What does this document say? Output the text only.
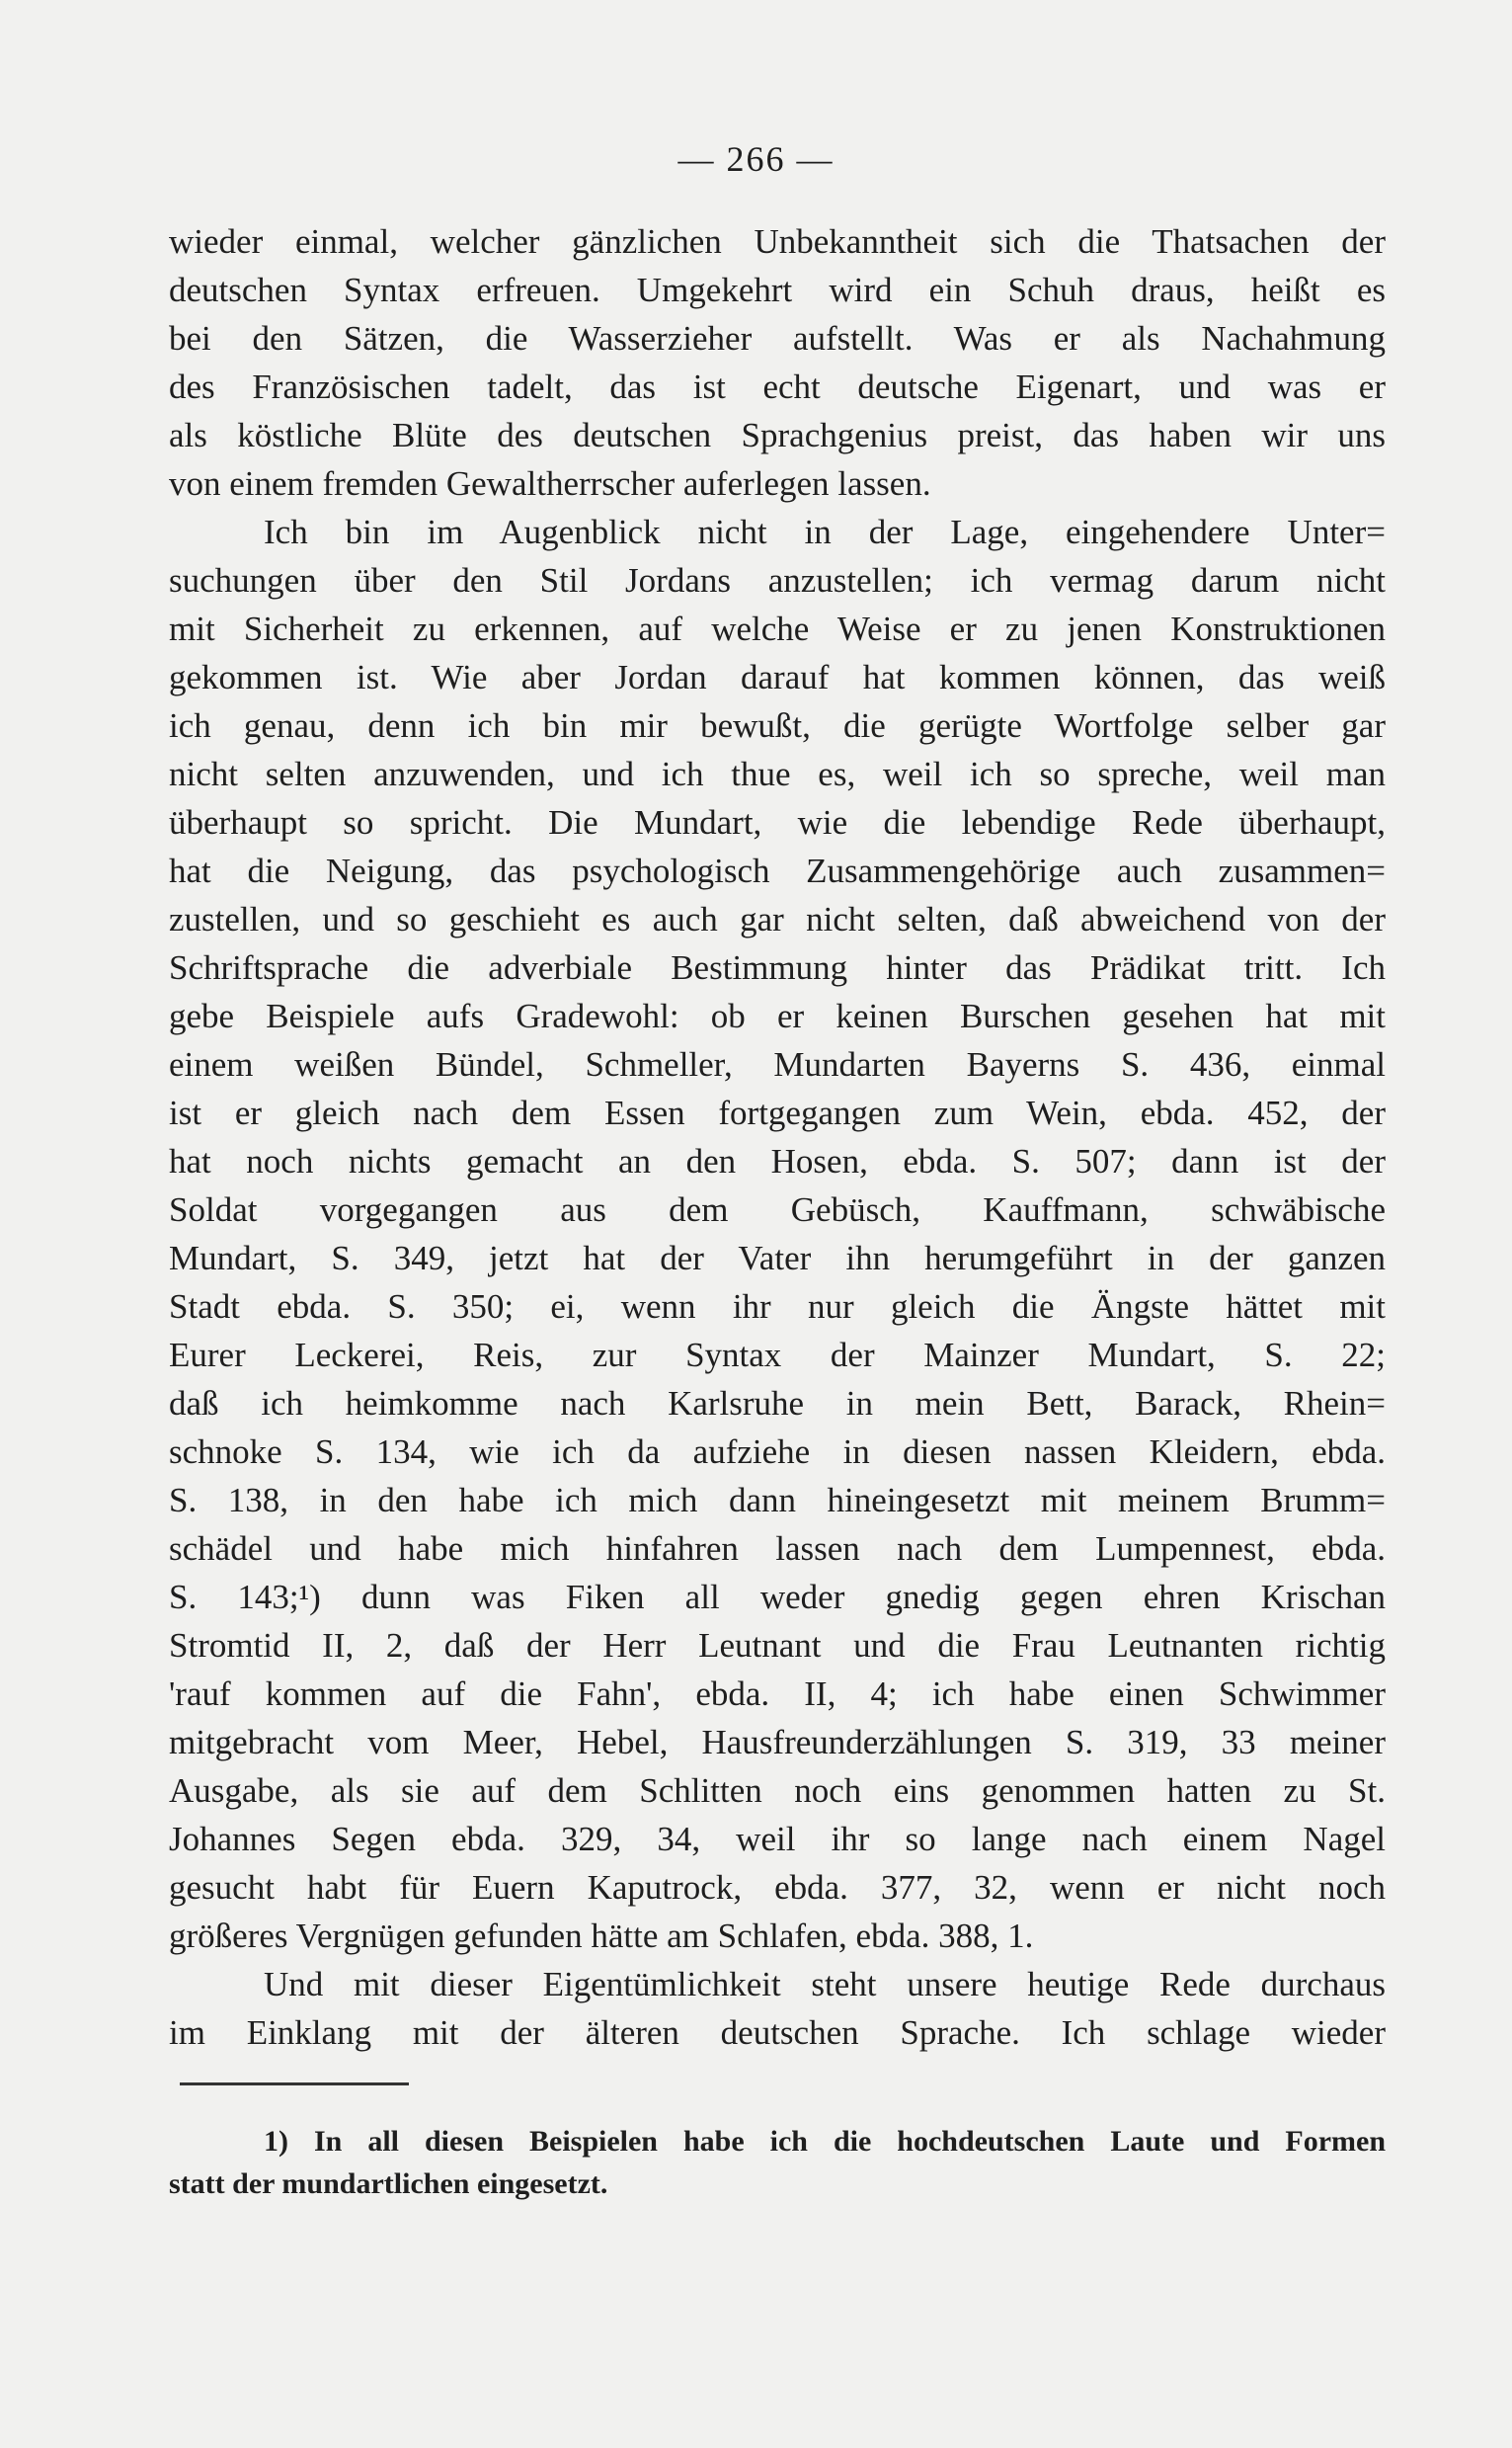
— 266 —
wieder einmal, welcher gänzlichen Unbekanntheit sich die Thatsachen der
deutschen Syntax erfreuen. Umgekehrt wird ein Schuh draus, heißt es
bei den Sätzen, die Wasserzieher aufstellt. Was er als Nachahmung
des Französischen tadelt, das ist echt deutsche Eigenart, und was er
als köstliche Blüte des deutschen Sprachgenius preist, das haben wir uns
von einem fremden Gewaltherrscher auferlegen lassen.
Ich bin im Augenblick nicht in der Lage, eingehendere Unter=
suchungen über den Stil Jordans anzustellen; ich vermag darum nicht
mit Sicherheit zu erkennen, auf welche Weise er zu jenen Konstruktionen
gekommen ist. Wie aber Jordan darauf hat kommen können, das weiß
ich genau, denn ich bin mir bewußt, die gerügte Wortfolge selber gar
nicht selten anzuwenden, und ich thue es, weil ich so spreche, weil man
überhaupt so spricht. Die Mundart, wie die lebendige Rede überhaupt,
hat die Neigung, das psychologisch Zusammengehörige auch zusammen=
zustellen, und so geschieht es auch gar nicht selten, daß abweichend von der
Schriftsprache die adverbiale Bestimmung hinter das Prädikat tritt. Ich
gebe Beispiele aufs Gradewohl: ob er keinen Burschen gesehen hat mit
einem weißen Bündel, Schmeller, Mundarten Bayerns S. 436, einmal
ist er gleich nach dem Essen fortgegangen zum Wein, ebda. 452, der
hat noch nichts gemacht an den Hosen, ebda. S. 507; dann ist der
Soldat vorgegangen aus dem Gebüsch, Kauffmann, schwäbische
Mundart, S. 349, jetzt hat der Vater ihn herumgeführt in der ganzen
Stadt ebda. S. 350; ei, wenn ihr nur gleich die Ängste hättet mit
Eurer Leckerei, Reis, zur Syntax der Mainzer Mundart, S. 22;
daß ich heimkomme nach Karlsruhe in mein Bett, Barack, Rhein=
schnoke S. 134, wie ich da aufziehe in diesen nassen Kleidern, ebda.
S. 138, in den habe ich mich dann hineingesetzt mit meinem Brumm=
schädel und habe mich hinfahren lassen nach dem Lumpennest, ebda.
S. 143;¹) dunn was Fiken all weder gnedig gegen ehren Krischan
Stromtid II, 2, daß der Herr Leutnant und die Frau Leutnanten richtig
'rauf kommen auf die Fahn', ebda. II, 4; ich habe einen Schwimmer
mitgebracht vom Meer, Hebel, Hausfreunderzählungen S. 319, 33 meiner
Ausgabe, als sie auf dem Schlitten noch eins genommen hatten zu St.
Johannes Segen ebda. 329, 34, weil ihr so lange nach einem Nagel
gesucht habt für Euern Kaputrock, ebda. 377, 32, wenn er nicht noch
größeres Vergnügen gefunden hätte am Schlafen, ebda. 388, 1.
Und mit dieser Eigentümlichkeit steht unsere heutige Rede durchaus
im Einklang mit der älteren deutschen Sprache. Ich schlage wieder
1) In all diesen Beispielen habe ich die hochdeutschen Laute und Formen
statt der mundartlichen eingesetzt.
